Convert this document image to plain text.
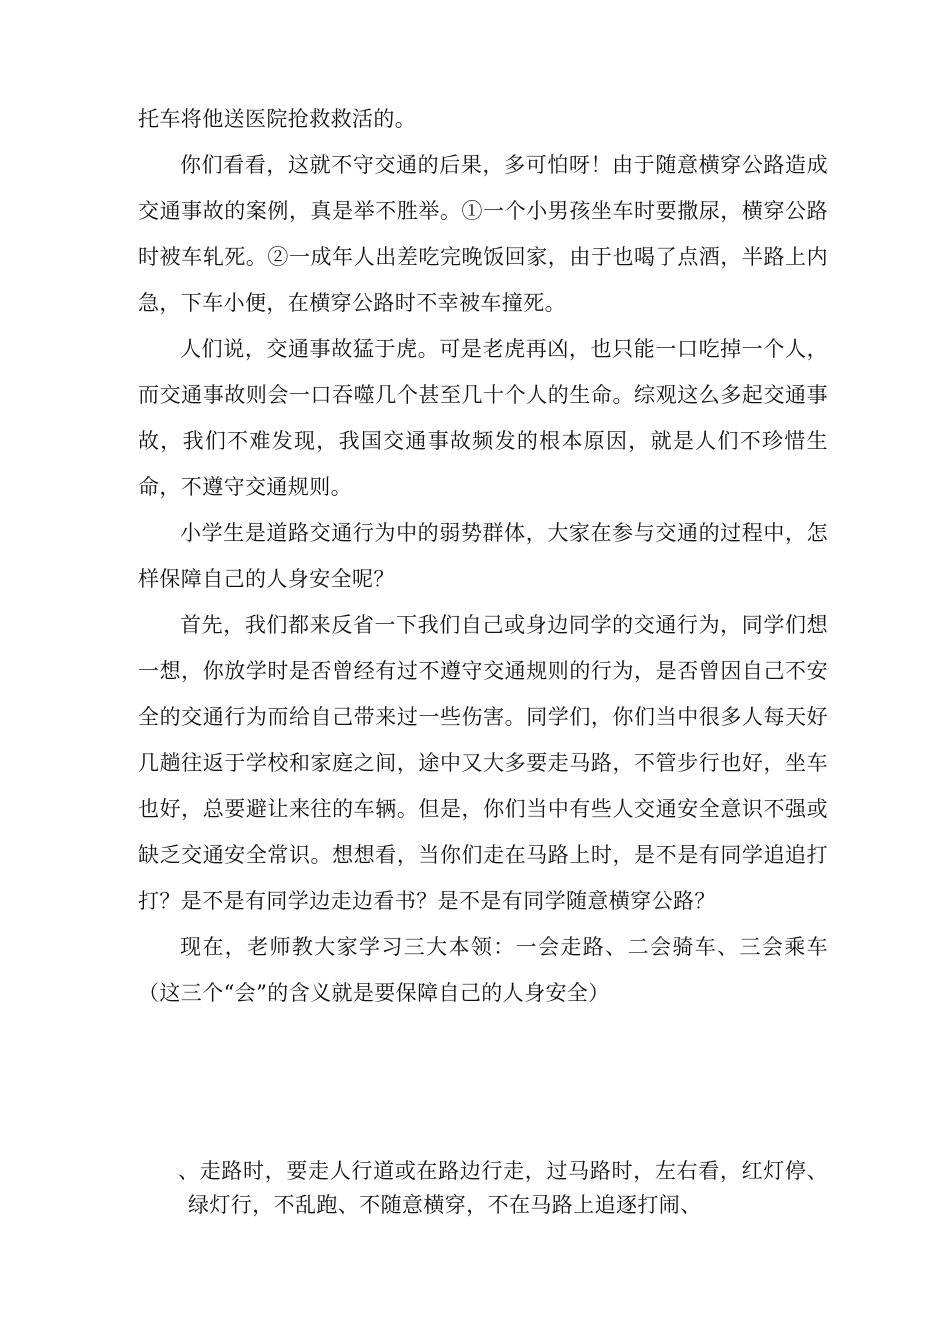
托车将他送医院抢救救活的。

你们看看，这就不守交通的后果，多可怕呀！由于随意横穿公路造成交通事故的案例，真是举不胜举。①一个小男孩坐车时要撒尿，横穿公路时被车轧死。②一成年人出差吃完晚饭回家，由于也喝了点酒，半路上内急，下车小便，在横穿公路时不幸被车撞死。

人们说，交通事故猛于虎。可是老虎再凶，也只能一口吃掉一个人，而交通事故则会一口吞噬几个甚至几十个人的生命。综观这么多起交通事故，我们不难发现，我国交通事故频发的根本原因，就是人们不珍惜生命，不遵守交通规则。

小学生是道路交通行为中的弱势群体，大家在参与交通的过程中，怎样保障自己的人身安全呢？

首先，我们都来反省一下我们自己或身边同学的交通行为，同学们想一想，你放学时是否曾经有过不遵守交通规则的行为，是否曾因自己不安全的交通行为而给自己带来过一些伤害。同学们，你们当中很多人每天好几趟往返于学校和家庭之间，途中又大多要走马路，不管步行也好，坐车也好，总要避让来往的车辆。但是，你们当中有些人交通安全意识不强或缺乏交通安全常识。想想看，当你们走在马路上时，是不是有同学追追打打？是不是有同学边走边看书？是不是有同学随意横穿公路？

现在，老师教大家学习三大本领：一会走路、二会骑车、三会乘车（这三个“会”的含义就是要保障自己的人身安全）

、走路时，要走人行道或在路边行走，过马路时，左右看，红灯停、绿灯行，不乱跑、不随意横穿，不在马路上追逐打闹、
